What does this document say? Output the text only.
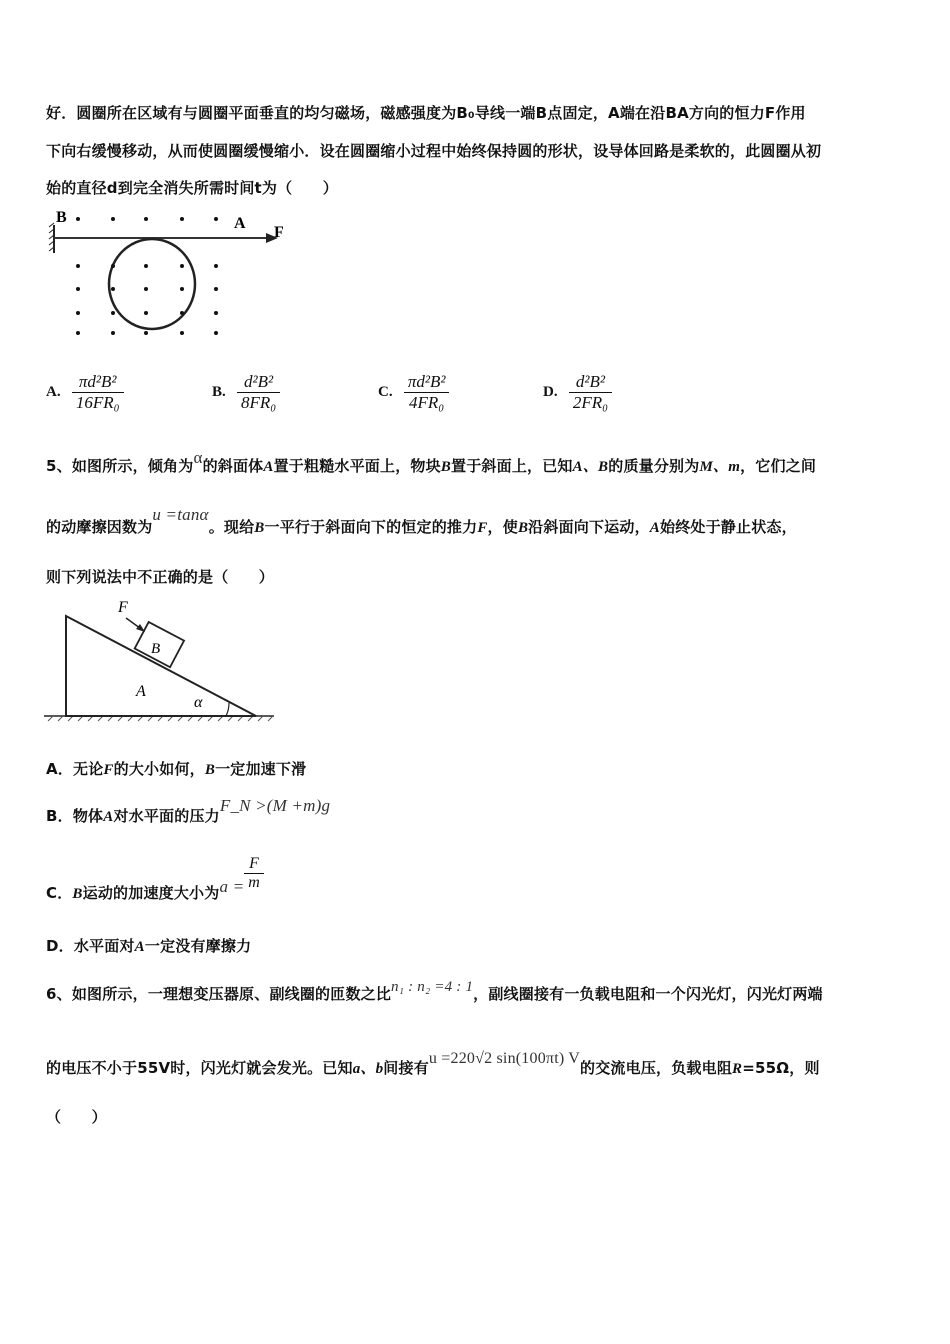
好．圆圈所在区域有与圆圈平面垂直的均匀磁场，磁感强度为B₀导线一端B点固定，A端在沿BA方向的恒力F作用
下向右缓慢移动，从而使圆圈缓慢缩小．设在圆圈缩小过程中始终保持圆的形状，设导体回路是柔软的，此圆圈从初
始的直径d到完全消失所需时间t为（　　）
B	A
F
A. $\frac{\text{πd²B²}}{\text{16FR₀}}$	B. $\frac{\text{d²B²}}{\text{8FR₀}}$	C. $\frac{\text{πd²B²}}{\text{4FR₀}}$	D. $\frac{\text{d²B²}}{\text{2FR₀}}$
5、如图所示，倾角为α的斜面体A置于粗糙水平面上，物块B置于斜面上，已知A、B的质量分别为M、m，它们之间
的动摩擦因数为u =tanα。现给B一平行于斜面向下的恒定的推力F，使B沿斜面向下运动，A始终处于静止状态，
则下列说法中不正确的是（　　）
F
B
A
α
A．无论F的大小如何，B一定加速下滑
B．物体A对水平面的压力F_N >(M +m)g
C．B运动的加速度大小为$a = \frac{F}{m}$
D．水平面对A一定没有摩擦力
6、如图所示，一理想变压器原、副线圈的匝数之比n₁ : n₂ =4 : 1，副线圈接有一负载电阻和一个闪光灯，闪光灯两端
的电压不小于55V时，闪光灯就会发光。已知a、b间接有u =220√2 sin(100πt) V的交流电压，负载电阻R=55Ω，则
（　　）
